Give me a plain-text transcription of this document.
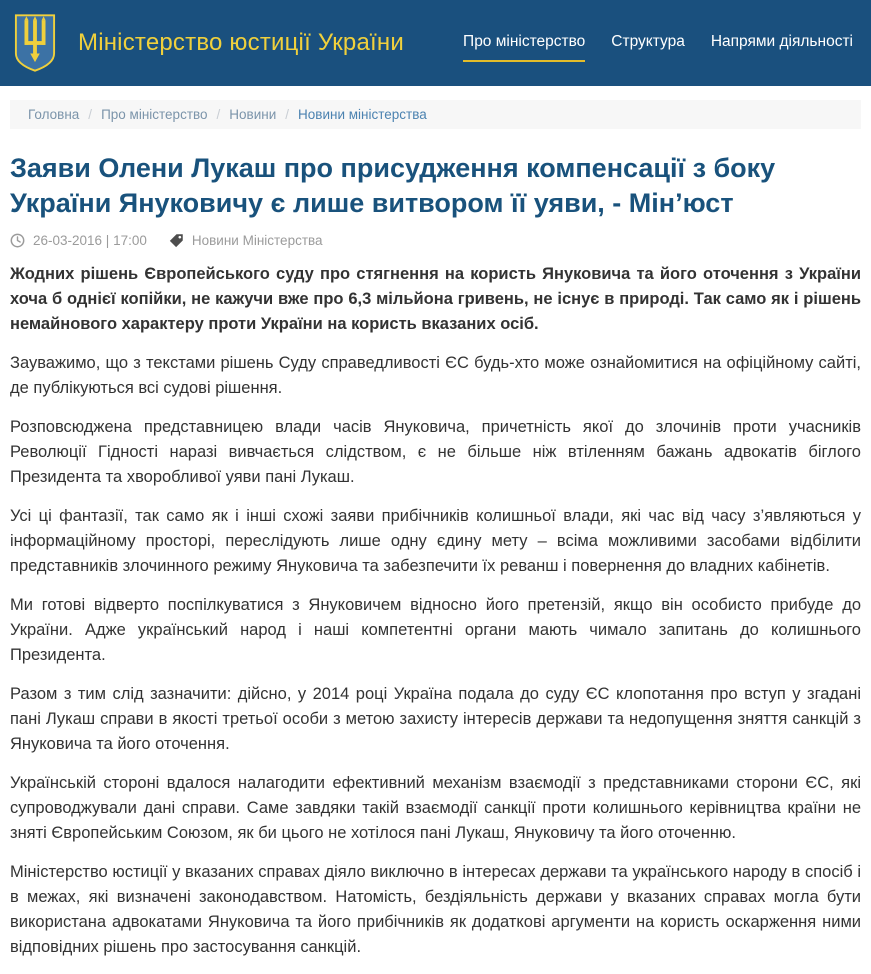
Міністерство юстиції України	Про міністерство Структура Напрями діяльності
Головна / Про міністерство / Новини / Новини міністерства
Заяви Олени Лукаш про присудження компенсації з боку України Януковичу є лише витвором її уяви, - Мін’юст
26-03-2016 | 17:00	Новини Міністерства

Жодних рішень Європейського суду про стягнення на користь Януковича та його оточення з України хоча б однієї копійки, не кажучи вже про 6,3 мільйона гривень, не існує в природі. Так само як і рішень немайнового характеру проти України на користь вказаних осіб.

Зауважимо, що з текстами рішень Суду справедливості ЄС будь-хто може ознайомитися на офіційному сайті, де публікуються всі судові рішення.

Розповсюджена представницею влади часів Януковича, причетність якої до злочинів проти учасників Революції Гідності наразі вивчається слідством, є не більше ніж втіленням бажань адвокатів біглого Президента та хворобливої уяви пані Лукаш.

Усі ці фантазії, так само як і інші схожі заяви прибічників колишньої влади, які час від часу з’являються у інформаційному просторі, переслідують лише одну єдину мету – всіма можливими засобами відбілити представників злочинного режиму Януковича та забезпечити їх реванш і повернення до владних кабінетів.

Ми готові відверто поспілкуватися з Януковичем відносно його претензій, якщо він особисто прибуде до України. Адже український народ і наші компетентні органи мають чимало запитань до колишнього Президента.

Разом з тим слід зазначити: дійсно, у 2014 році Україна подала до суду ЄС клопотання про вступ у згадані пані Лукаш справи в якості третьої особи з метою захисту інтересів держави та недопущення зняття санкцій з Януковича та його оточення.

Українській стороні вдалося налагодити ефективний механізм взаємодії з представниками сторони ЄС, які супроводжували дані справи. Саме завдяки такій взаємодії санкції проти колишнього керівництва країни не зняті Європейським Союзом, як би цього не хотілося пані Лукаш, Януковичу та його оточенню.

Міністерство юстиції у вказаних справах діяло виключно в інтересах держави та українського народу в спосіб і в межах, які визначені законодавством. Натомість, бездіяльність держави у вказаних справах могла бути використана адвокатами Януковича та його прибічників як додаткові аргументи на користь оскарження ними відповідних рішень про застосування санкцій.
